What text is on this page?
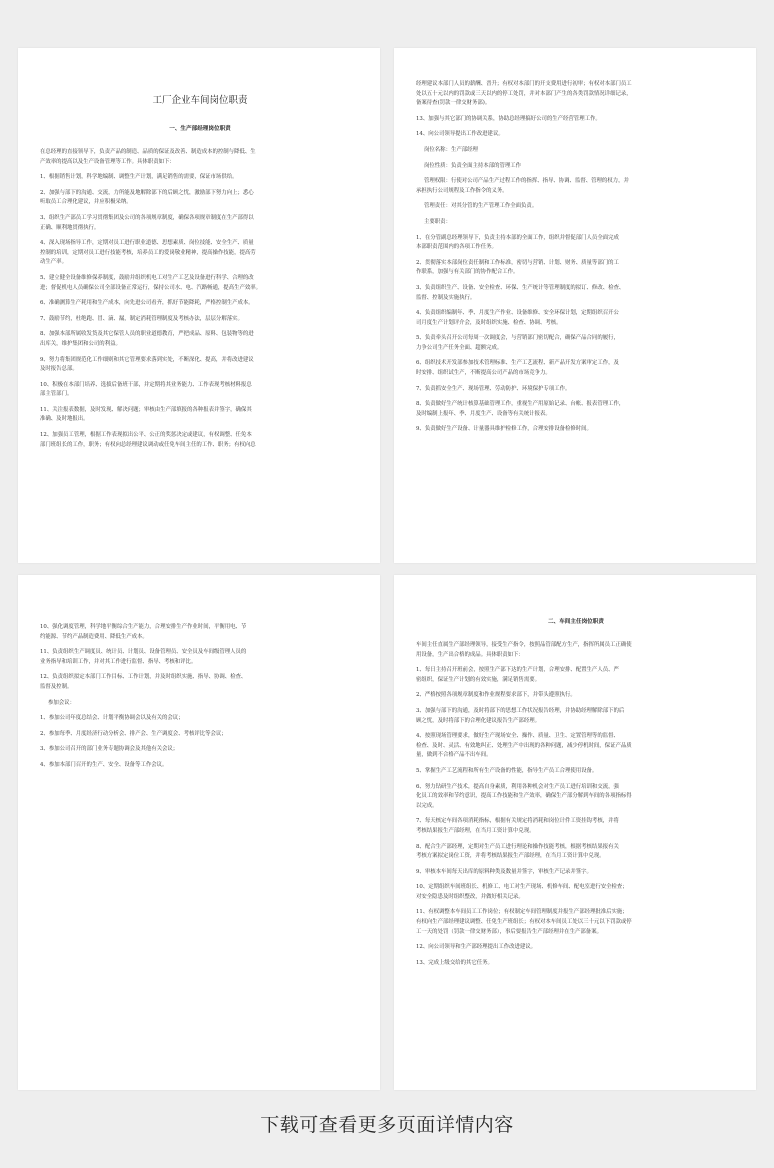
工厂企业车间岗位职责
一、生产部经理岗位职责

在总经理的直接领导下，负责产品的制造、品质的保证及改善、制造成本的控制与降低、生

产效率的提高以及生产设备管理等工作。具体职责如下：

1、根据销售计划，科学地编制、调整生产计划，满足销售的需要，保证市场供给。

2、加强与部下的沟通、交流，力所能及地解除部下的后顾之忧，激励部下努力向上；悉心

听取员工合理化建议，并应积极采纳。

3、组织生产部员工学习贯彻集团及公司的各项规章制度，确保各项规章制度在生产部得以

正确、顺利地贯彻执行。

4、深入现场指导工作，定期对员工进行职业道德、思想素质、岗位技能、安全生产、质量

控制的培训，定期对员工进行技能考核，培养员工的爱岗敬业精神，提高操作技能，提高劳

动生产率。

5、建立健全设备维修保养制度，鼓励并组织机电工对生产工艺及设备进行科学、合理的改

进；督促机电人员确保公司全部设备正常运行，保持公司水、电、汽路畅通，提高生产效率。

6、准确测算生产耗用和生产成本，向先进公司看齐，抓好节能降耗，严格控制生产成本。

7、鼓励节约，杜绝跑、冒、滴、漏，制定消耗管理制度及考核办法，层层分解落实。

8、加强本部所属收发货及其它保管人员的职业道德教育，严把成品、原料、包装物等的进

出库关，维护集团和公司的利益。

9、努力将集团规范化工作细则和其它管理要求落到实处，不断深化、提高，并将改进建议

及时报告总部。

10、积极在本部门培养、选拔后备班干部，并定期将其业务能力、工作表现考核材料报总

部主管部门。

11、关注报表数据，及时发现、解决问题；审核由生产部填报的各种报表并签字，确保其

准确、及时地报出。

12、加强员工管理，根据工作表现拟出公平、公正的奖惩决定或建议，有权调整、任免本

部门班组长的工作，职务；有权向总经理建议调动或任免车间主任的工作、职务；有权向总

经理建议本部门人员的薪酬、晋升；有权对本部门的开支费用进行初审；有权对本部门员工

处以五十元以内的罚款或三天以内的停工处罚，并对本部门产生的各类罚款情况详细记录，

备案待查(罚款一律交财务部)。

13、加强与其它部门的协调关系，协助总经理搞好公司的生产经营管理工作。

14、向公司领导提出工作改进建议。

岗位名称：生产部经理

岗位性质：负责全面主持本部的管理工作

管理权限：行使对公司产品生产过程工作的指挥、指导、协调、监督、管理的权力，并

承担执行公司规程及工作指令的义务。

管理责任：对其分管的生产管理工作全面负责。

主要职责：

1、在分管副总经理领导下，负责主持本部的全面工作，组织并督促部门人员全面完成

本部职责范围内的各项工作任务。

2、贯彻落实本部岗位责任制和工作标准，密切与营销、计划、财务、质量等部门的工

作联系，加强与有关部门的协作配合工作。

3、负责组织生产、设备、安全检查、环保、生产统计等管理制度的拟订、修改、检查、

监督、控制及实施执行。

4、负责组织编制年、季、月度生产作业、设备维修、安全环保计划，定期组织召开公

司月度生产计划评介会，及时组织实施、检查、协调、考核。

5、负责牵头召开公司每周一次调度会，与营销部门密切配合，确保产品合同的履行，

力争公司生产任务全面、超额完成。

6、组织技术开发部参加技术管理标准、生产工艺流程、新产品开发方案审定工作，及

时安排、组织试生产，不断提高公司产品的市场竞争力。

7、负责抓安全生产、现场管理、劳动防护、环境保护专项工作。

8、负责做好生产统计核算基础管理工作，重视生产用原始记录、台帐、报表管理工作，

及时编制上报年、季、月度生产、设备等有关统计报表。

9、负责做好生产设备、计量器具维护检修工作，合理安排设备检修时间。

10、强化调度管理，科学地平衡综合生产能力，合理安排生产作业时间，平衡用电、节

约能源、节约产品制造费用、降低生产成本。

11、负责组织生产调度员、统计员、计划员、设备管理员、安全员及车间级管理人员的

业务指导和培训工作，并对其工作进行监督、指导、考核和评比。

12、负责组织拟定本部门工作目标、工作计划，并及时组织实施、指导、协调、检查、

监督及控制。

参加会议：

1、参加公司年度总结会、计划平衡协调会以及有关的会议；

2、参加每季、月度经济行动分析会、排产会、生产调度会、考核评比等会议；

3、参加公司召开的部门业务专题协调会及其他有关会议；

4、参加本部门召开的生产、安全、设备等工作会议。

二、车间主任岗位职责

车间主任直属生产部经理领导，接受生产指令，按照品管部配方生产，指挥所属员工正确使

用设备，生产出合格的成品。具体职责如下：

1、每日主持召开班前会，按照生产部下达的生产计划，合理安排、配置生产人员、严

密组织，保证生产计划的有效实施，满足销售需要。

2、严格按照各项规章制度和作业规程要求部下，并带头遵照执行。

3、加强与部下的沟通，及时将部下的思想工作状况报告经理，并协助经理解除部下的后

顾之忧，及时将部下的合理化建议报告生产部经理。

4、按照现场管理要求，做好生产现场安全、操作、质量、卫生、定置管理等的监督、

检查、及时、灵活、有效地纠正、处理生产中出现的各种问题，减少停机时间，保证产品质

量，做到不合格产品不出车间。

5、掌握生产工艺流程和所有生产设备的性能，指导生产员工合理使用设备。

6、努力钻研生产技术，提高自身素质，利用各种机会对生产员工进行培训和交流，强

化员工的效率和节约意识，提高工作技能和生产效率，确保生产部分解到车间的各项指标得

以完成。

7、每天核定车间各项消耗指标，根据有关规定将消耗和岗位计件工资挂钩考核，并将

考核结果报生产部经理，在当月工资计算中兑现。

8、配合生产部经理，定期对生产员工进行理论和操作技能考核，根据考核结果报有关

考核方案拟定岗位工资，并将考核结果报生产部经理，在当月工资计算中兑现。

9、审核本车间每天出库的原料种类及数量并签字，审核生产记录并签字。

10、定期组织车间班组长、机修工、电工对生产现场、机修车间、配电室进行安全检查；

对安全隐患及时组织整改，并做好相关记录。

11、有权调整本车间员工工作岗位；有权制定车间管理制度并报生产部经理批准后实施；

有权向生产部经理建议调整、任免生产班组长；有权对本车间员工处以三十元以下罚款或停

工一天的处罚（罚款一律交财务部），事后要报告生产部经理并在生产部备案。

12、向公司领导和生产部经理提出工作改进建议。

13、完成上级交给的其它任务。

下载可查看更多页面详情内容
